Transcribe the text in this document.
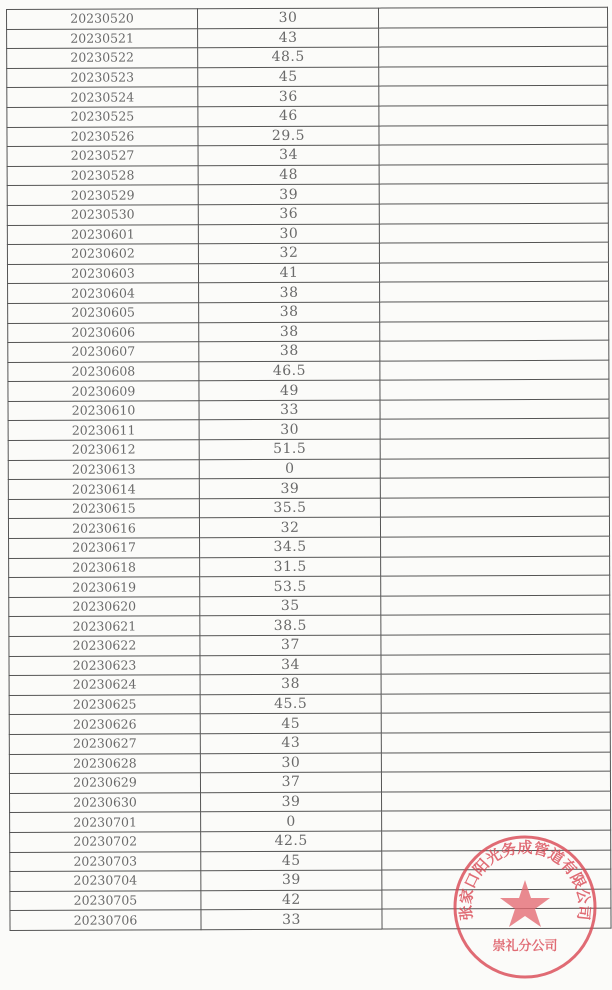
20230520	30	
20230521	43	
20230522	48.5	
20230523	45	
20230524	36	
20230525	46	
20230526	29.5	
20230527	34	
20230528	48	
20230529	39	
20230530	36	
20230601	30	
20230602	32	
20230603	41	
20230604	38	
20230605	38	
20230606	38	
20230607	38	
20230608	46.5	
20230609	49	
20230610	33	
20230611	30	
20230612	51.5	
20230613	0	
20230614	39	
20230615	35.5	
20230616	32	
20230617	34.5	
20230618	31.5	
20230619	53.5	
20230620	35	
20230621	38.5	
20230622	37	
20230623	34	
20230624	38	
20230625	45.5	
20230626	45	
20230627	43	
20230628	30	
20230629	37	
20230630	39	
20230701	0	
20230702	42.5	
20230703	45	
20230704	39	
20230705	42	
20230706	33		张家口阳光务成管道有限公司
崇礼分公司
